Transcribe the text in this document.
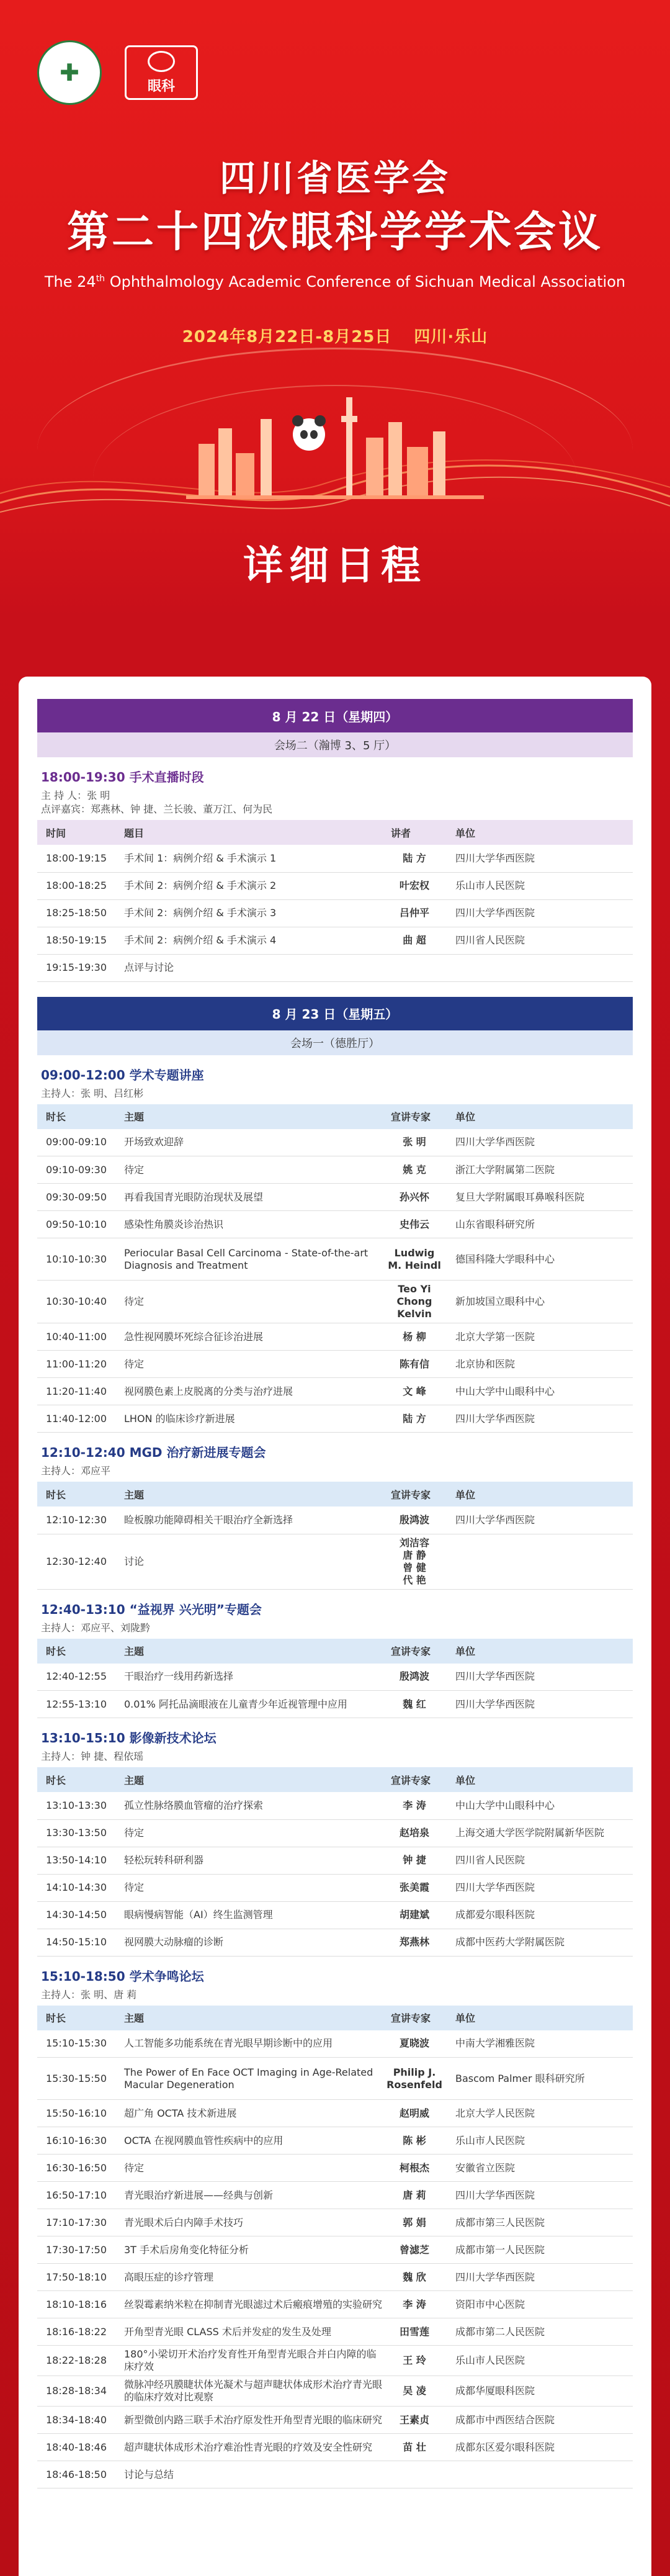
✚	眼科
四川省医学会
第二十四次眼科学学术会议
The 24th Ophthalmology Academic Conference of Sichuan Medical Association
2024年8月22日-8月25日 四川·乐山
详细日程
8 月 22 日（星期四）
会场二（瀚博 3、5 厅）
18:00-19:30 手术直播时段
主 持 人：张 明
点评嘉宾：郑燕林、钟 捷、兰长骏、董万江、何为民
时间	题目	讲者	单位
18:00-19:15	手术间 1：病例介绍 & 手术演示 1	陆 方	四川大学华西医院
18:00-18:25	手术间 2：病例介绍 & 手术演示 2	叶宏权	乐山市人民医院
18:25-18:50	手术间 2：病例介绍 & 手术演示 3	吕仲平	四川大学华西医院
18:50-19:15	手术间 2：病例介绍 & 手术演示 4	曲 超	四川省人民医院
19:15-19:30	点评与讨论		
8 月 23 日（星期五）
会场一（德胜厅）
09:00-12:00 学术专题讲座
主持人：张 明、吕红彬
时长	主题	宣讲专家	单位
09:00-09:10	开场致欢迎辞	张 明	四川大学华西医院
09:10-09:30	待定	姚 克	浙江大学附属第二医院
09:30-09:50	再看我国青光眼防治现状及展望	孙兴怀	复旦大学附属眼耳鼻喉科医院
09:50-10:10	感染性角膜炎诊治热识	史伟云	山东省眼科研究所
10:10-10:30	Periocular Basal Cell Carcinoma - State-of-the-art Diagnosis and Treatment	Ludwig
M. Heindl	德国科隆大学眼科中心
10:30-10:40	待定	Teo Yi
Chong
Kelvin	新加坡国立眼科中心
10:40-11:00	急性视网膜坏死综合征诊治进展	杨 柳	北京大学第一医院
11:00-11:20	待定	陈有信	北京协和医院
11:20-11:40	视网膜色素上皮脱离的分类与治疗进展	文 峰	中山大学中山眼科中心
11:40-12:00	LHON 的临床诊疗新进展	陆 方	四川大学华西医院
12:10-12:40 MGD 治疗新进展专题会
主持人：邓应平
时长	主题	宣讲专家	单位
12:10-12:30	睑板腺功能障碍相关干眼治疗全新选择	殷鸿波	四川大学华西医院
12:30-12:40	讨论	刘洁容
唐 静
曾 健
代 艳	
12:40-13:10 “益视界 兴光明”专题会
主持人：邓应平、刘陇黔
时长	主题	宣讲专家	单位
12:40-12:55	干眼治疗一线用药新选择	殷鸿波	四川大学华西医院
12:55-13:10	0.01% 阿托品滴眼液在儿童青少年近视管理中应用	魏 红	四川大学华西医院
13:10-15:10 影像新技术论坛
主持人：钟 捷、程依瑶
时长	主题	宣讲专家	单位
13:10-13:30	孤立性脉络膜血管瘤的治疗探索	李 涛	中山大学中山眼科中心
13:30-13:50	待定	赵培泉	上海交通大学医学院附属新华医院
13:50-14:10	轻松玩转科研利器	钟 捷	四川省人民医院
14:10-14:30	待定	张美霞	四川大学华西医院
14:30-14:50	眼病慢病智能（AI）终生监测管理	胡建斌	成都爱尔眼科医院
14:50-15:10	视网膜大动脉瘤的诊断	郑燕林	成都中医药大学附属医院
15:10-18:50 学术争鸣论坛
主持人：张 明、唐 莉
时长	主题	宣讲专家	单位
15:10-15:30	人工智能多功能系统在青光眼早期诊断中的应用	夏晓波	中南大学湘雅医院
15:30-15:50	The Power of En Face OCT Imaging in Age-Related Macular Degeneration	Philip J.
Rosenfeld	Bascom Palmer 眼科研究所
15:50-16:10	超广角 OCTA 技术新进展	赵明威	北京大学人民医院
16:10-16:30	OCTA 在视网膜血管性疾病中的应用	陈 彬	乐山市人民医院
16:30-16:50	待定	柯根杰	安徽省立医院
16:50-17:10	青光眼治疗新进展——经典与创新	唐 莉	四川大学华西医院
17:10-17:30	青光眼术后白内障手术技巧	郭 娟	成都市第三人民医院
17:30-17:50	3T 手术后房角变化特征分析	曾滤芝	成都市第一人民医院
17:50-18:10	高眼压症的诊疗管理	魏 欣	四川大学华西医院
18:10-18:16	丝裂霉素纳米粒在抑制青光眼滤过术后瘢痕增殖的实验研究	李 涛	资阳市中心医院
18:16-18:22	开角型青光眼 CLASS 术后并发症的发生及处理	田雪莲	成都市第二人民医院
18:22-18:28	180°小梁切开术治疗发育性开角型青光眼合并白内障的临床疗效	王 玲	乐山市人民医院
18:28-18:34	微脉冲经巩膜睫状体光凝术与超声睫状体成形术治疗青光眼的临床疗效对比观察	吴 凌	成都华厦眼科医院
18:34-18:40	新型微创内路三联手术治疗原发性开角型青光眼的临床研究	王素贞	成都市中西医结合医院
18:40-18:46	超声睫状体成形术治疗难治性青光眼的疗效及安全性研究	苗 壮	成都东区爱尔眼科医院
18:46-18:50	讨论与总结		
